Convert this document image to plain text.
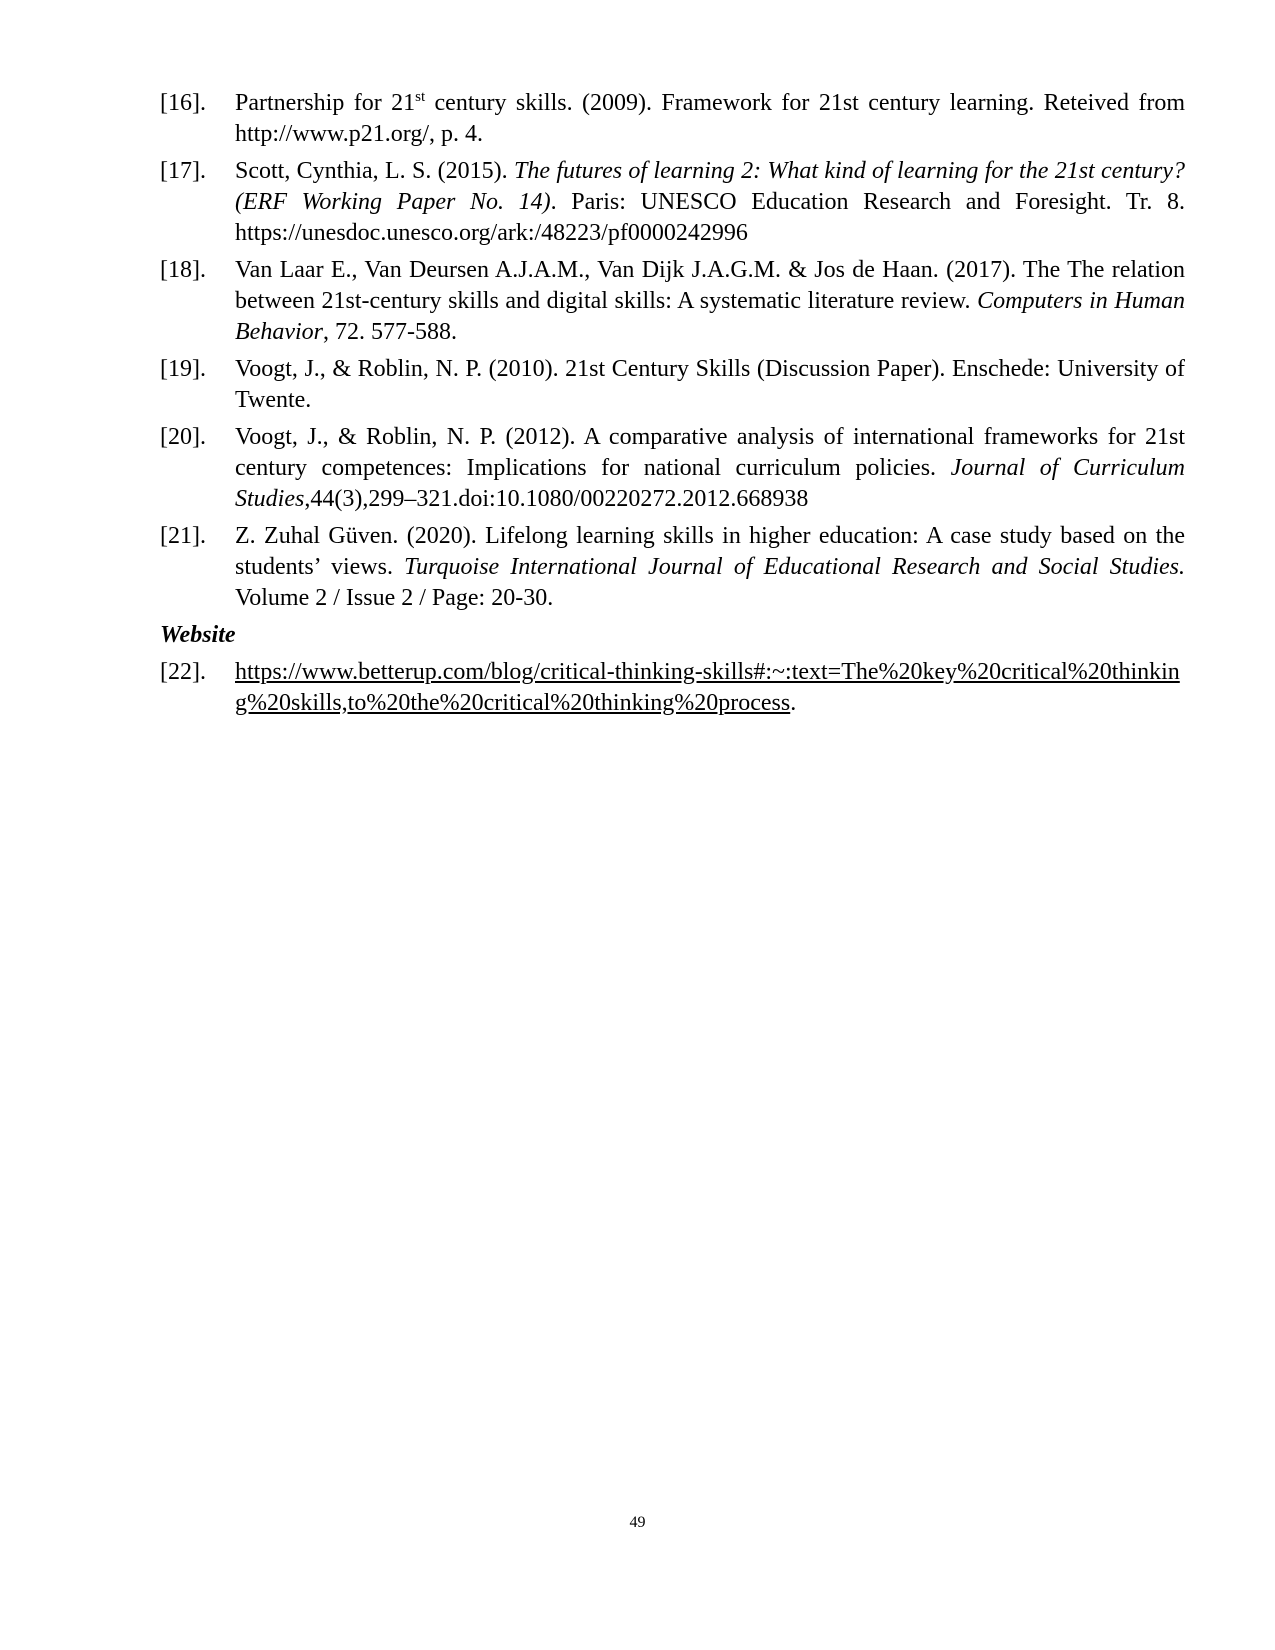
[16].	Partnership for 21st century skills. (2009). Framework for 21st century learning. Reteived from http://www.p21.org/, p. 4.
[17].	Scott, Cynthia, L. S. (2015). The futures of learning 2: What kind of learning for the 21st century? (ERF Working Paper No. 14). Paris: UNESCO Education Research and Foresight. Tr. 8. https://unesdoc.unesco.org/ark:/48223/pf0000242996
[18].	Van Laar E., Van Deursen A.J.A.M., Van Dijk J.A.G.M. & Jos de Haan. (2017). The The relation between 21st-century skills and digital skills: A systematic literature review. Computers in Human Behavior, 72. 577-588.
[19].	Voogt, J., & Roblin, N. P. (2010). 21st Century Skills (Discussion Paper). Enschede: University of Twente.
[20].	Voogt, J., & Roblin, N. P. (2012). A comparative analysis of international frameworks for 21st century competences: Implications for national curriculum policies. Journal of Curriculum Studies,44(3),299–321.doi:10.1080/00220272.2012.668938
[21].	Z. Zuhal Güven. (2020). Lifelong learning skills in higher education: A case study based on the students’ views. Turquoise International Journal of Educational Research and Social Studies. Volume 2 / Issue 2 / Page: 20-30.
Website
[22].	https://www.betterup.com/blog/critical-thinking-skills#:~:text=The%20key%20critical%20thinking%20skills,to%20the%20critical%20thinking%20process.
49
